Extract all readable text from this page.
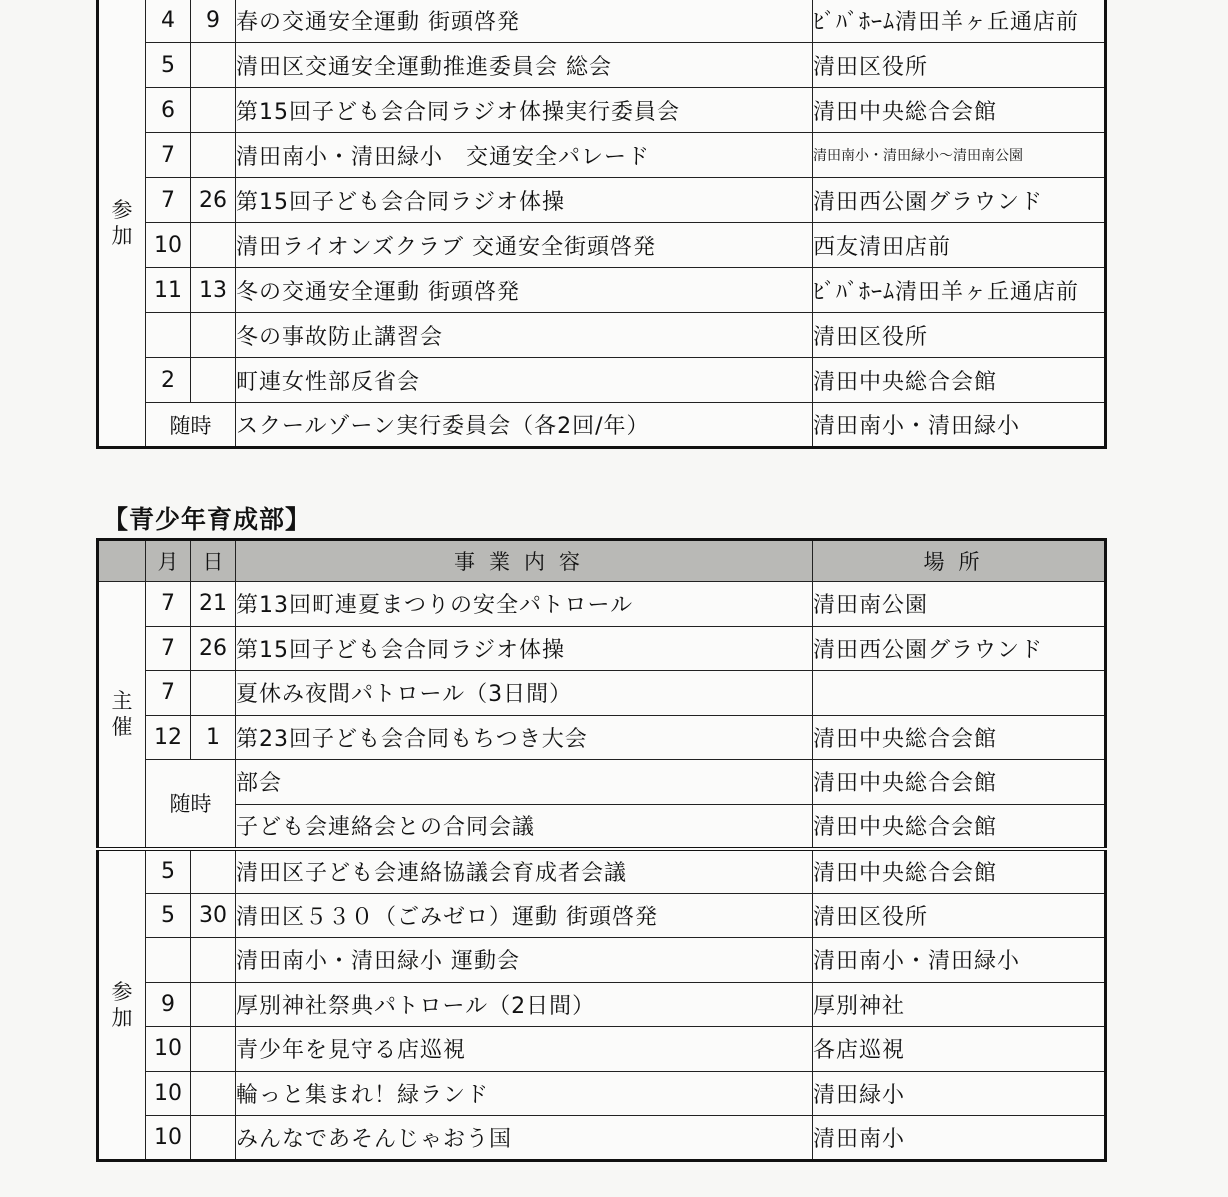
参
加	4	9	春の交通安全運動 街頭啓発	ﾋﾞﾊﾞﾎｰﾑ清田羊ヶ丘通店前
	5		清田区交通安全運動推進委員会 総会	清田区役所
	6		第15回子ども会合同ラジオ体操実行委員会	清田中央総合会館
	7		清田南小・清田緑小　交通安全パレード	清田南小・清田緑小～清田南公園
	7	26	第15回子ども会合同ラジオ体操	清田西公園グラウンド
	10		清田ライオンズクラブ 交通安全街頭啓発	西友清田店前
	11	13	冬の交通安全運動 街頭啓発	ﾋﾞﾊﾞﾎｰﾑ清田羊ヶ丘通店前
			冬の事故防止講習会	清田区役所
	2		町連女性部反省会	清田中央総合会館
	随時		スクールゾーン実行委員会（各2回/年）	清田南小・清田緑小
【青少年育成部】
	月	日	事業内容	場所
主
催	7	21	第13回町連夏まつりの安全パトロール	清田南公園
	7	26	第15回子ども会合同ラジオ体操	清田西公園グラウンド
	7		夏休み夜間パトロール（3日間）	
	12	1	第23回子ども会合同もちつき大会	清田中央総合会館
	随時		部会	清田中央総合会館
			子ども会連絡会との合同会議	清田中央総合会館
参
加	5		清田区子ども会連絡協議会育成者会議	清田中央総合会館
	5	30	清田区５３０（ごみゼロ）運動 街頭啓発	清田区役所
			清田南小・清田緑小 運動会	清田南小・清田緑小
	9		厚別神社祭典パトロール（2日間）	厚別神社
	10		青少年を見守る店巡視	各店巡視
	10		輪っと集まれ！緑ランド	清田緑小
	10		みんなであそんじゃおう国	清田南小
